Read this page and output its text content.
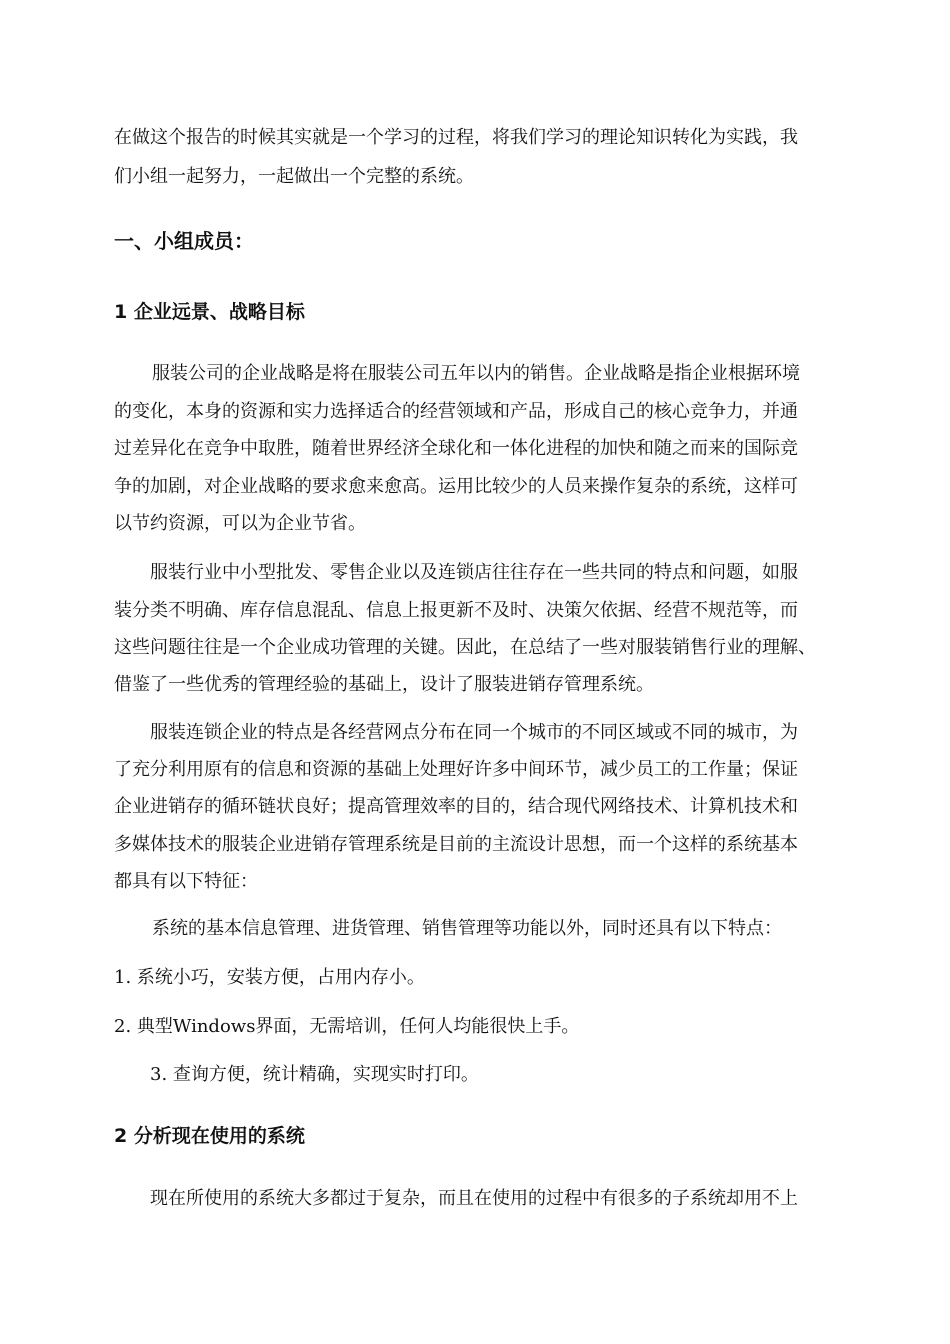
在做这个报告的时候其实就是一个学习的过程，将我们学习的理论知识转化为实践，我
们小组一起努力，一起做出一个完整的系统。
一、小组成员：
1 企业远景、战略目标
服装公司的企业战略是将在服装公司五年以内的销售。企业战略是指企业根据环境
的变化，本身的资源和实力选择适合的经营领域和产品，形成自己的核心竞争力，并通
过差异化在竞争中取胜，随着世界经济全球化和一体化进程的加快和随之而来的国际竞
争的加剧，对企业战略的要求愈来愈高。运用比较少的人员来操作复杂的系统，这样可
以节约资源，可以为企业节省。
服装行业中小型批发、零售企业以及连锁店往往存在一些共同的特点和问题，如服
装分类不明确、库存信息混乱、信息上报更新不及时、决策欠依据、经营不规范等，而
这些问题往往是一个企业成功管理的关键。因此，在总结了一些对服装销售行业的理解、
借鉴了一些优秀的管理经验的基础上，设计了服装进销存管理系统。
服装连锁企业的特点是各经营网点分布在同一个城市的不同区域或不同的城市，为
了充分利用原有的信息和资源的基础上处理好许多中间环节，减少员工的工作量；保证
企业进销存的循环链状良好；提高管理效率的目的，结合现代网络技术、计算机技术和
多媒体技术的服装企业进销存管理系统是目前的主流设计思想，而一个这样的系统基本
都具有以下特征：
系统的基本信息管理、进货管理、销售管理等功能以外，同时还具有以下特点：
1. 系统小巧，安装方便，占用内存小。
2. 典型Windows界面，无需培训，任何人均能很快上手。
3. 查询方便，统计精确，实现实时打印。
2 分析现在使用的系统
现在所使用的系统大多都过于复杂，而且在使用的过程中有很多的子系统却用不上
